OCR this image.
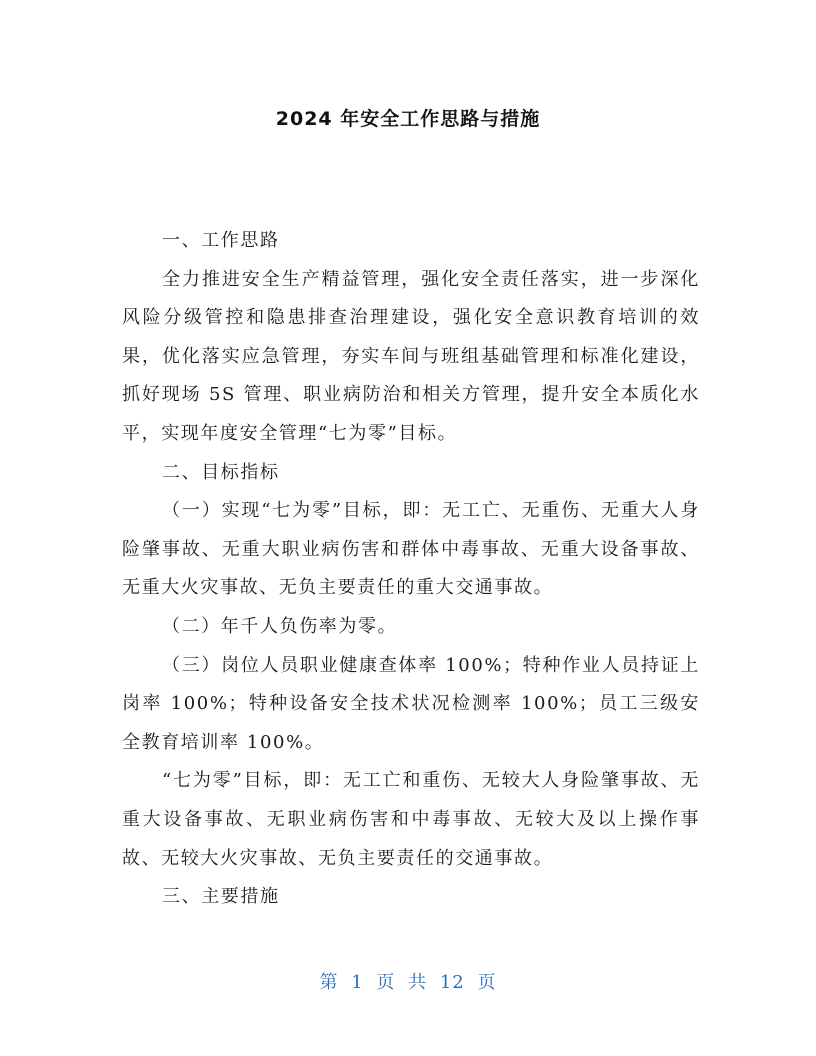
2024 年安全工作思路与措施

一、工作思路

全力推进安全生产精益管理，强化安全责任落实，进一步深化风险分级管控和隐患排查治理建设，强化安全意识教育培训的效果，优化落实应急管理，夯实车间与班组基础管理和标准化建设，抓好现场 5S 管理、职业病防治和相关方管理，提升安全本质化水平，实现年度安全管理“七为零”目标。

二、目标指标

（一）实现“七为零”目标，即：无工亡、无重伤、无重大人身险肇事故、无重大职业病伤害和群体中毒事故、无重大设备事故、无重大火灾事故、无负主要责任的重大交通事故。

（二）年千人负伤率为零。

（三）岗位人员职业健康查体率 100%；特种作业人员持证上岗率 100%；特种设备安全技术状况检测率 100%；员工三级安全教育培训率 100%。

“七为零”目标，即：无工亡和重伤、无较大人身险肇事故、无重大设备事故、无职业病伤害和中毒事故、无较大及以上操作事故、无较大火灾事故、无负主要责任的交通事故。

三、主要措施

第 1 页 共 12 页
